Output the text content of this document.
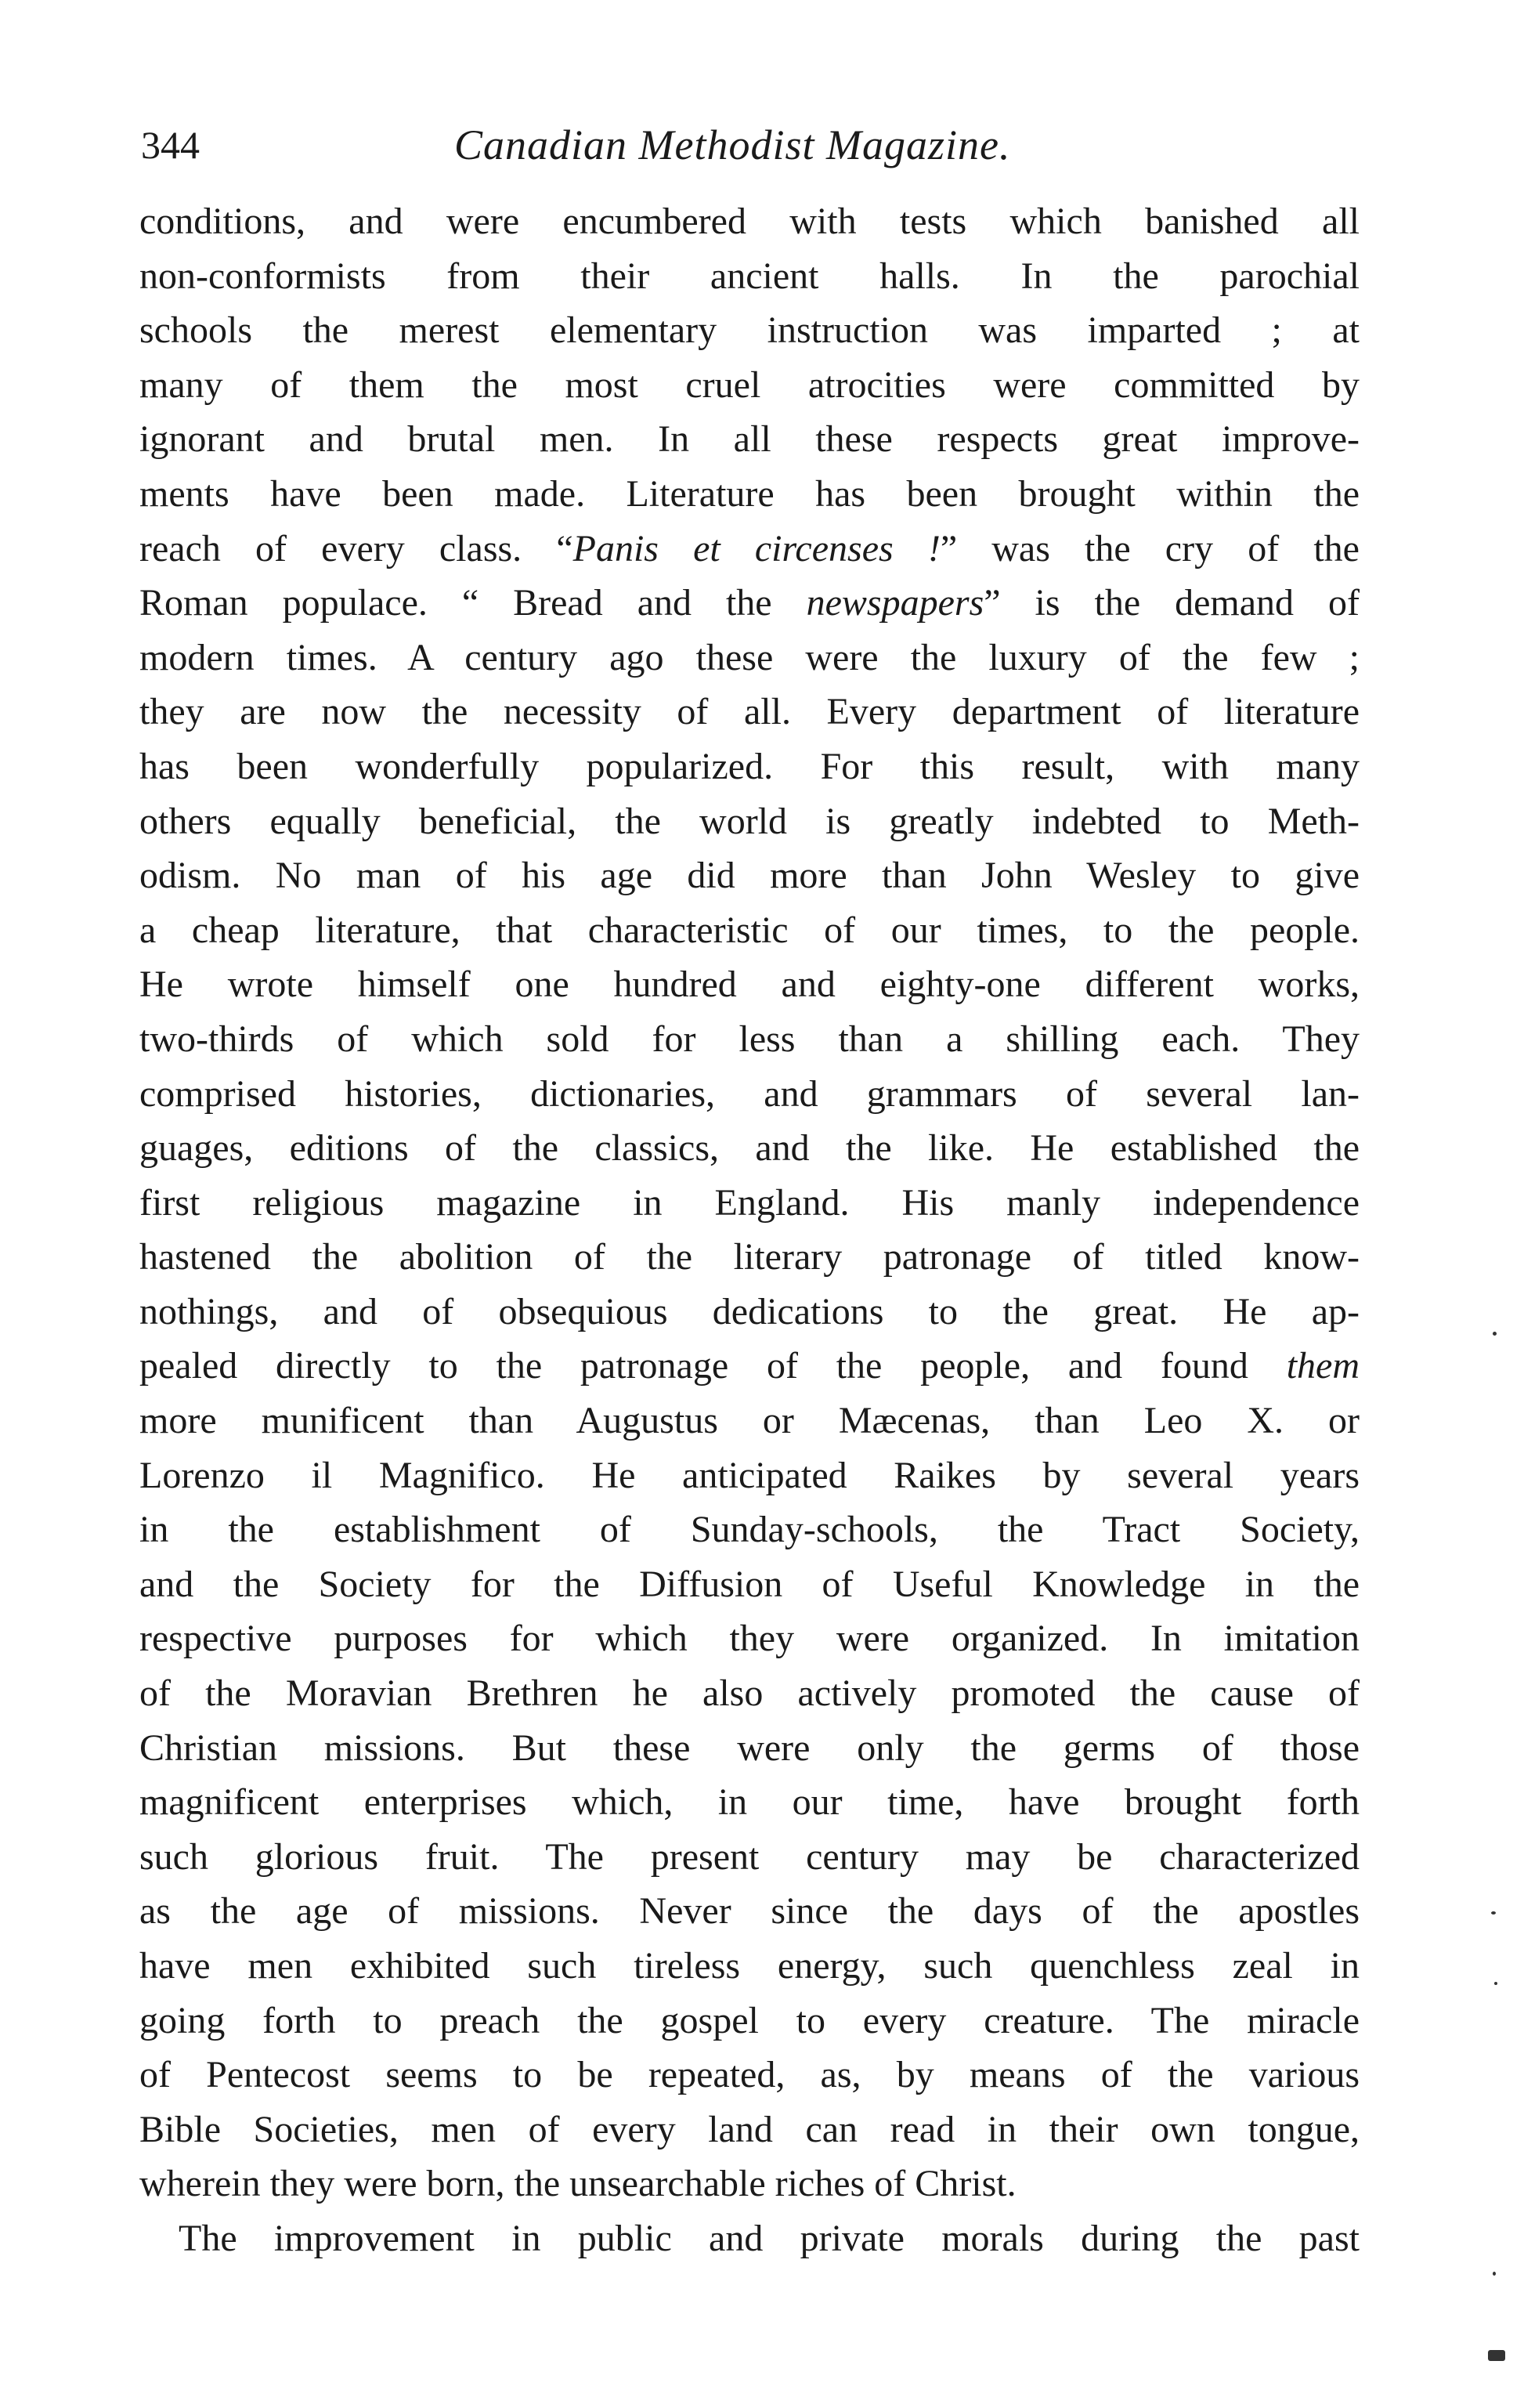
344	Canadian Methodist Magazine.
conditions, and were encumbered with tests which banished all
non-conformists from their ancient halls. In the parochial
schools the merest elementary instruction was imparted ; at
many of them the most cruel atrocities were committed by
ignorant and brutal men. In all these respects great improve-
ments have been made. Literature has been brought within the
reach of every class. “Panis et circenses !” was the cry of the
Roman populace. “ Bread and the newspapers” is the demand of
modern times. A century ago these were the luxury of the few ;
they are now the necessity of all. Every department of literature
has been wonderfully popularized. For this result, with many
others equally beneficial, the world is greatly indebted to Meth-
odism. No man of his age did more than John Wesley to give
a cheap literature, that characteristic of our times, to the people.
He wrote himself one hundred and eighty-one different works,
two-thirds of which sold for less than a shilling each. They
comprised histories, dictionaries, and grammars of several lan-
guages, editions of the classics, and the like. He established the
first religious magazine in England. His manly independence
hastened the abolition of the literary patronage of titled know-
nothings, and of obsequious dedications to the great. He ap-
pealed directly to the patronage of the people, and found them
more munificent than Augustus or Mæcenas, than Leo X. or
Lorenzo il Magnifico. He anticipated Raikes by several years
in the establishment of Sunday-schools, the Tract Society,
and the Society for the Diffusion of Useful Knowledge in the
respective purposes for which they were organized. In imitation
of the Moravian Brethren he also actively promoted the cause of
Christian missions. But these were only the germs of those
magnificent enterprises which, in our time, have brought forth
such glorious fruit. The present century may be characterized
as the age of missions. Never since the days of the apostles
have men exhibited such tireless energy, such quenchless zeal in
going forth to preach the gospel to every creature. The miracle
of Pentecost seems to be repeated, as, by means of the various
Bible Societies, men of every land can read in their own tongue,
wherein they were born, the unsearchable riches of Christ.
The improvement in public and private morals during the past
